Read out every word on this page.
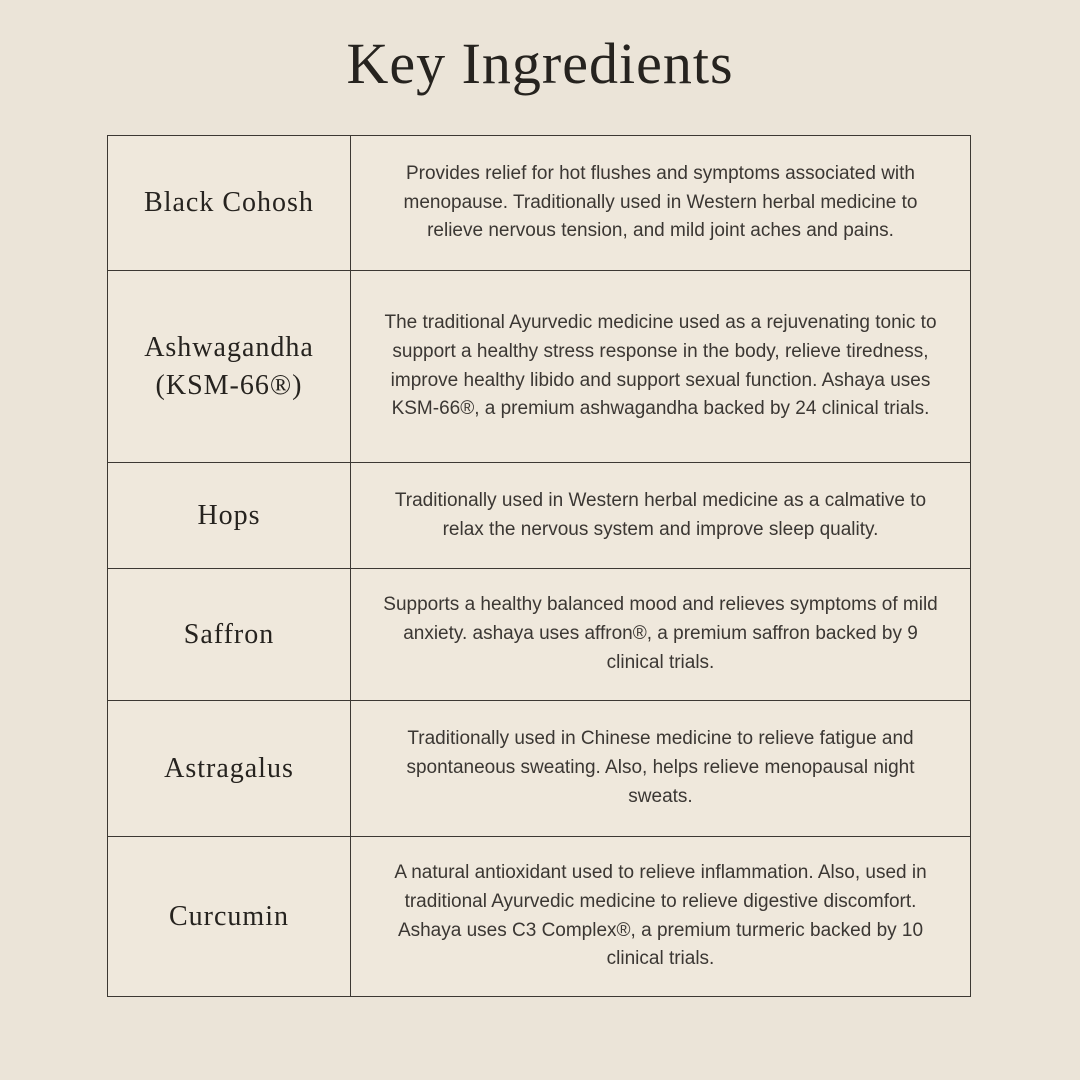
Key Ingredients
Black Cohosh
Provides relief for hot flushes and symptoms associated with menopause. Traditionally used in Western herbal medicine to relieve nervous tension, and mild joint aches and pains.
Ashwagandha (KSM-66®)
The traditional Ayurvedic medicine used as a rejuvenating tonic to support a healthy stress response in the body, relieve tiredness, improve healthy libido and support sexual function. Ashaya uses KSM-66®, a premium ashwagandha backed by 24 clinical trials.
Hops	Traditionally used in Western herbal medicine as a calmative to relax the nervous system and improve sleep quality.
Saffron
Supports a healthy balanced mood and relieves symptoms of mild anxiety. ashaya uses affron®, a premium saffron backed by 9 clinical trials.
Astragalus
Traditionally used in Chinese medicine to relieve fatigue and spontaneous sweating. Also, helps relieve menopausal night sweats.
Curcumin
A natural antioxidant used to relieve inflammation. Also, used in traditional Ayurvedic medicine to relieve digestive discomfort. Ashaya uses C3 Complex®, a premium turmeric backed by 10 clinical trials.
